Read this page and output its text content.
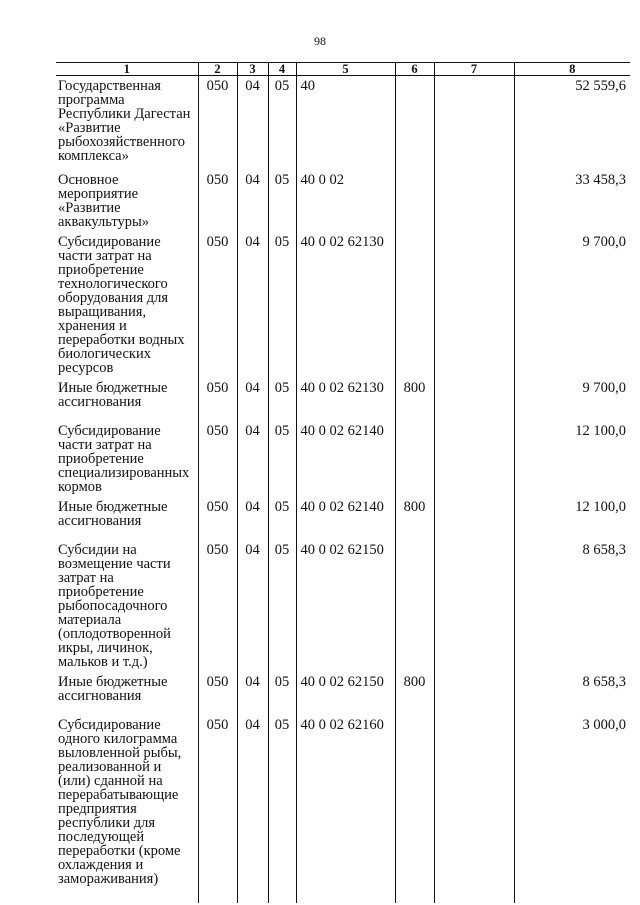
98
1	2	3	4	5	6	7	8
Государственная программа Республики Дагестан «Развитие рыбохозяйственного комплекса»	050	04	05	40			52 559,6
Основное мероприятие «Развитие аквакультуры»	050	04	05	40 0 02			33 458,3
Субсидирование части затрат на приобретение технологического оборудования для выращивания, хранения и переработки водных биологических ресурсов	050	04	05	40 0 02 62130			9 700,0
Иные бюджетные ассигнования	050	04	05	40 0 02 62130	800		9 700,0
Субсидирование части затрат на приобретение специализированных кормов	050	04	05	40 0 02 62140			12 100,0
Иные бюджетные ассигнования	050	04	05	40 0 02 62140	800		12 100,0
Субсидии на возмещение части затрат на приобретение рыбопосадочного материала (оплодотворенной икры, личинок, мальков и т.д.)	050	04	05	40 0 02 62150			8 658,3
Иные бюджетные ассигнования	050	04	05	40 0 02 62150	800		8 658,3
Субсидирование одного килограмма выловленной рыбы, реализованной и (или) сданной на перерабатывающие предприятия республики для последующей переработки (кроме охлаждения и замораживания)	050	04	05	40 0 02 62160			3 000,0
